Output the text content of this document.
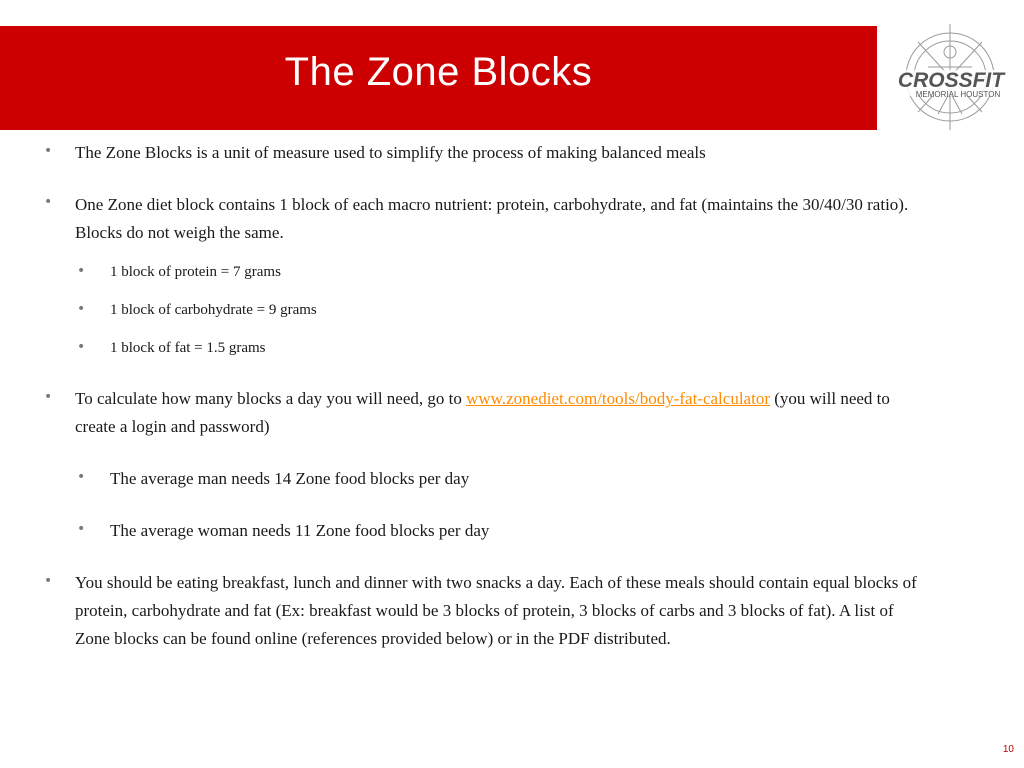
The Zone Blocks	CROSSFIT
MEMORIAL HOUSTON
• The Zone Blocks is a unit of measure used to simplify the process of making balanced meals
• One Zone diet block contains 1 block of each macro nutrient: protein, carbohydrate, and fat (maintains the 30/40/30 ratio). Blocks do not weigh the same.
• 1 block of protein = 7 grams
• 1 block of carbohydrate = 9 grams
• 1 block of fat = 1.5 grams
• To calculate how many blocks a day you will need, go to www.zonediet.com/tools/body-fat-calculator (you will need to create a login and password)
• The average man needs 14 Zone food blocks per day
• The average woman needs 11 Zone food blocks per day
• You should be eating breakfast, lunch and dinner with two snacks a day. Each of these meals should contain equal blocks of protein, carbohydrate and fat (Ex: breakfast would be 3 blocks of protein, 3 blocks of carbs and 3 blocks of fat). A list of Zone blocks can be found online (references provided below) or in the PDF distributed.
10
